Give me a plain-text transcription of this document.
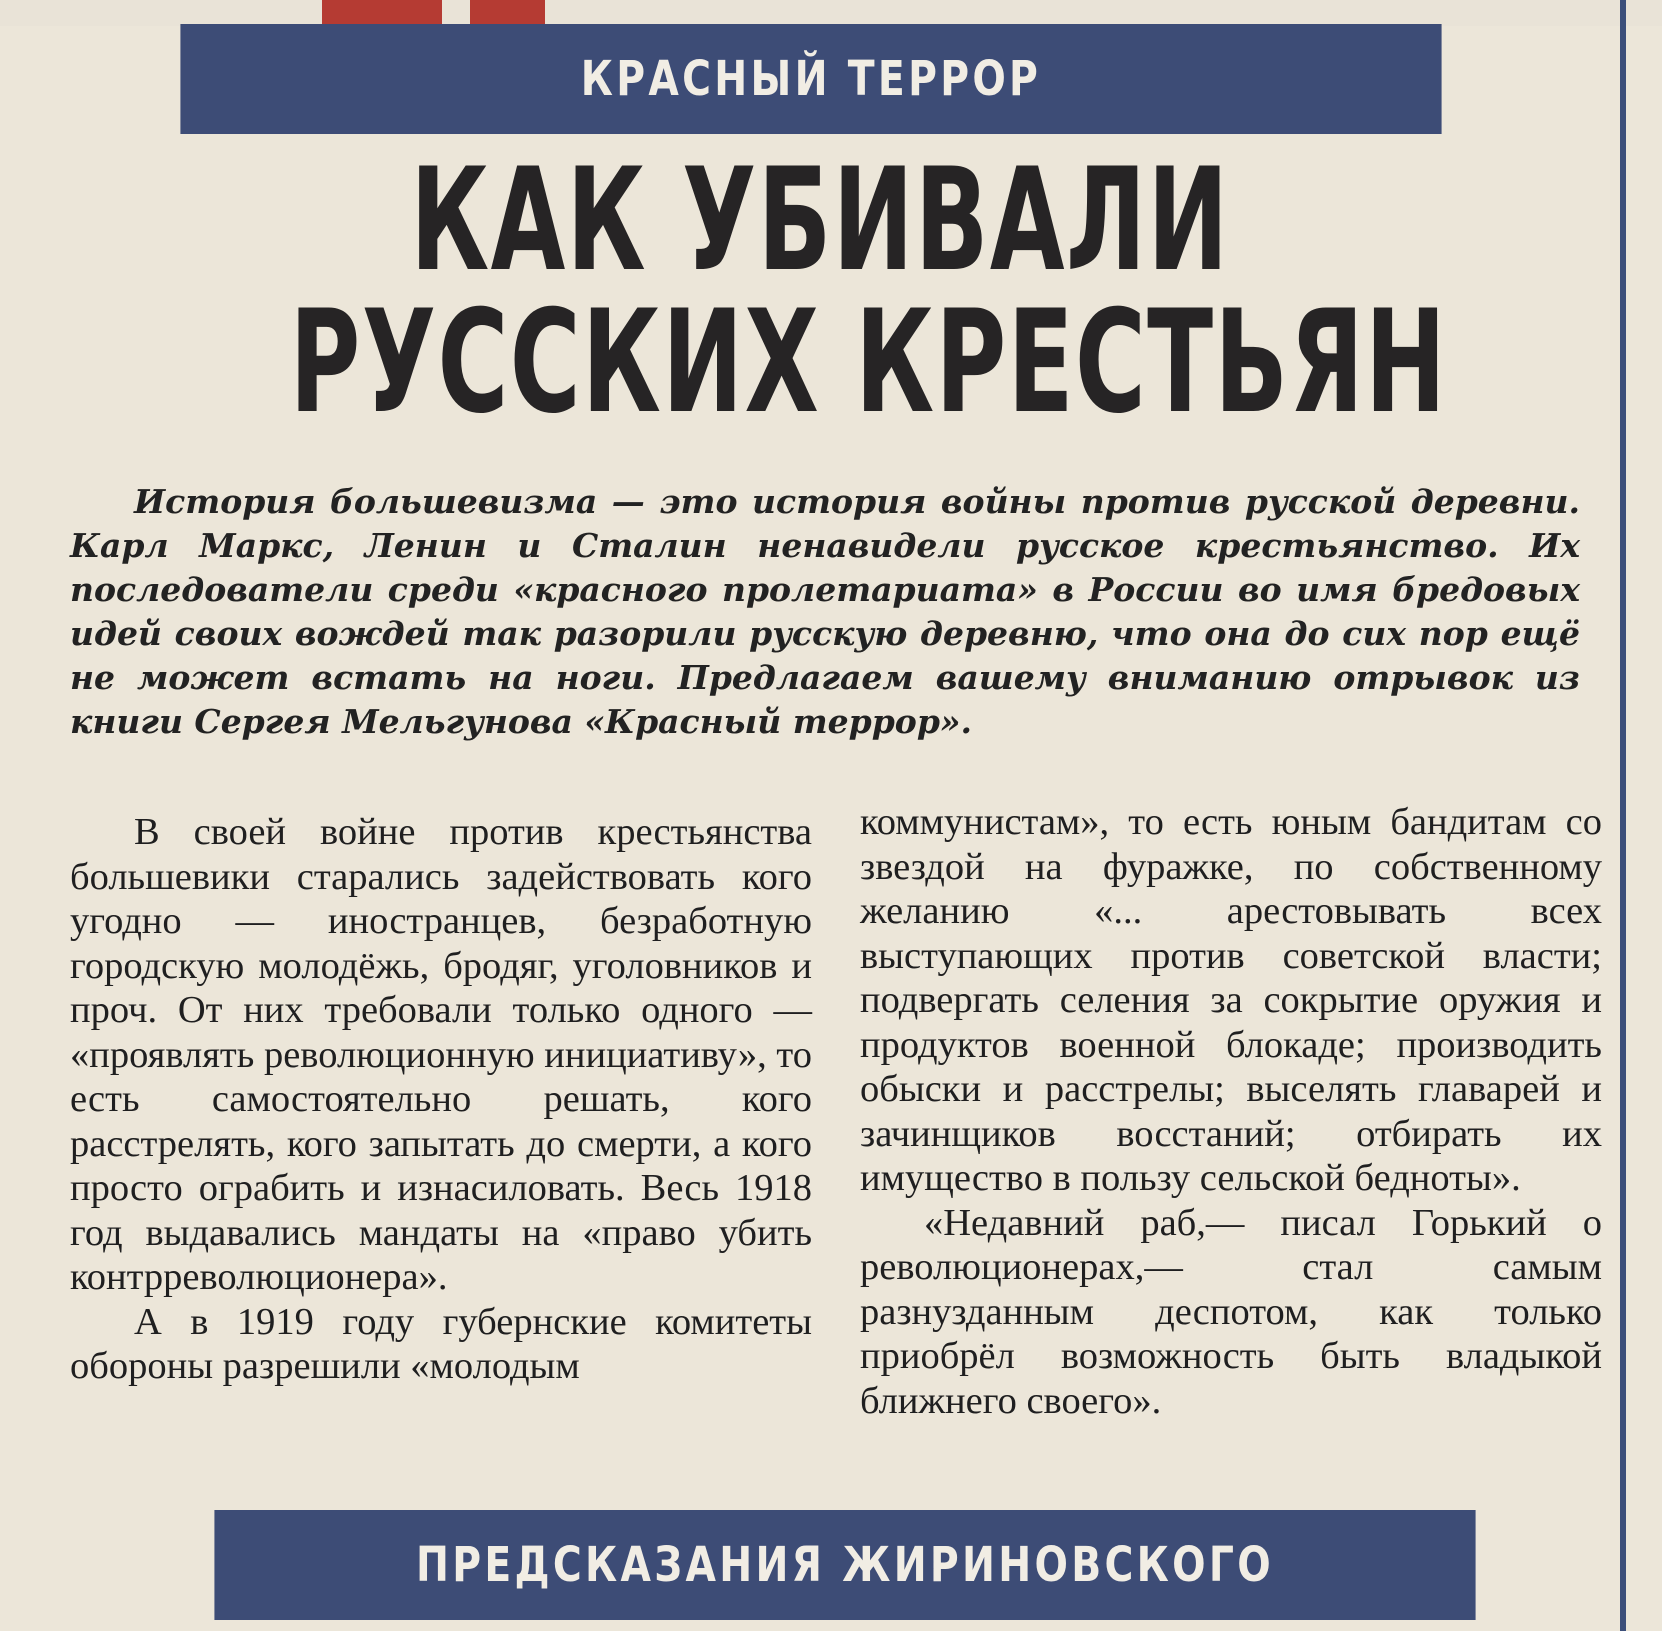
КРАСНЫЙ ТЕРРОР
КАК УБИВАЛИ
РУССКИХ КРЕСТЬЯН

История большевизма — это история войны против русской деревни. Карл Маркс, Ленин и Сталин ненавидели русское крестьянство. Их последователи среди «красного пролетариата» в России во имя бредовых идей своих вождей так разорили русскую деревню, что она до сих пор ещё не может встать на ноги. Предлагаем вашему вниманию отрывок из книги Сергея Мельгунова «Красный террор».

В своей войне против крестьянства большевики старались задействовать кого угодно — иностранцев, безработную городскую молодёжь, бродяг, уголовников и проч. От них требовали только одного — «проявлять революционную инициативу», то есть самостоятельно решать, кого расстрелять, кого запытать до смерти, а кого просто ограбить и изнасиловать. Весь 1918 год выдавались мандаты на «право убить контрреволюционера».

А в 1919 году губернские комитеты обороны разрешили «молодым

коммунистам», то есть юным бандитам со звездой на фуражке, по собственному желанию «... арестовывать всех выступающих против советской власти; подвергать селения за сокрытие оружия и продуктов военной блокаде; производить обыски и расстрелы; выселять главарей и зачинщиков восстаний; отбирать их имущество в пользу сельской бедноты».

«Недавний раб,— писал Горький о революционерах,— стал самым разнузданным деспотом, как только приобрёл возможность быть владыкой ближнего своего».

ПРЕДСКАЗАНИЯ ЖИРИНОВСКОГО
